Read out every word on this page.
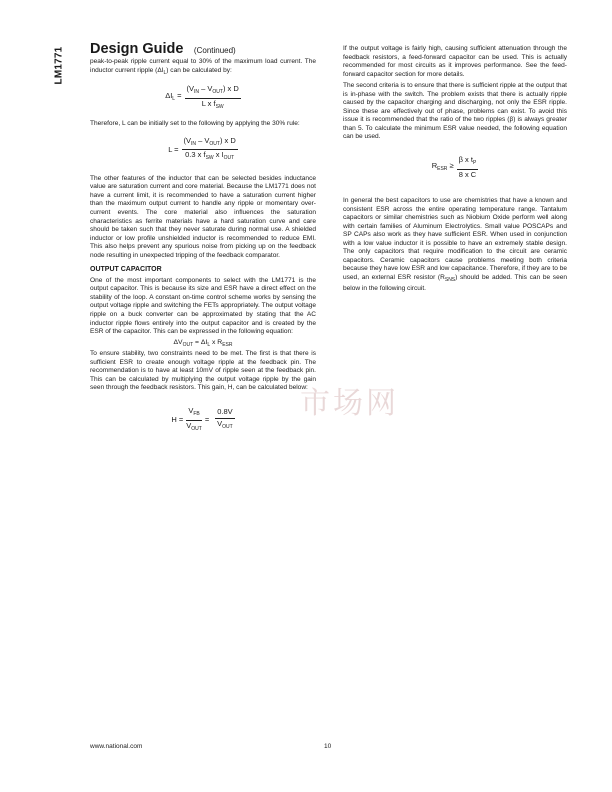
LM1771 Design Guide (Continued)

peak-to-peak ripple current equal to 30% of the maximum load current. The inductor current ripple $(\Delta I_L)$ can be calculated by:

$\Delta I_L = \frac{(V_{IN} - V_{OUT}) x D}{L x f_{SW}}$

Therefore, L can be initially set to the following by applying the 30% rule:

$L = \frac{(V_{IN} - V_{OUT}) x D}{0.3 x f_{SW} x I_{OUT}}$

The other features of the inductor that can be selected besides inductance value are saturation current and core material. Because the LM1771 does not have a current limit, it is recommended to have a saturation current higher than the maximum output current to handle any ripple or momentary over-current events. The core material also influences the saturation characteristics as ferrite materials have a hard saturation curve and care should be taken such that they never saturate during normal use. A shielded inductor or low profile unshielded inductor is recommended to reduce EMI. This also helps prevent any spurious noise from picking up on the feedback node resulting in unexpected tripping of the feedback comparator.

OUTPUT CAPACITOR

One of the most important components to select with the LM1771 is the output capacitor. This is because its size and ESR have a direct effect on the stability of the loop. A constant on-time control scheme works by sensing the output voltage ripple and switching the FETs appropriately. The output voltage ripple on a buck converter can be approximated by stating that the AC inductor ripple flows entirely into the output capacitor and is created by the ESR of the capacitor. This can be expressed in the following equation:

$\Delta V_{OUT} = \Delta I_L$ x $R_{ESR}$

To ensure stability, two constraints need to be met. The first is that there is sufficient ESR to create enough voltage ripple at the feedback pin. The recommendation is to have at least 10mV of ripple seen at the feedback pin. This can be calculated by multiplying the output voltage ripple by the gain seen through the feedback resistors. This gain, H, can be calculated below:

$H = \frac{V_{FB}}{V_{OUT}} = \frac{0.8V}{V_{OUT}}$

If the output voltage is fairly high, causing sufficient attenuation through the feedback resistors, a feed-forward capacitor can be used. This is actually recommended for most circuits as it improves performance. See the feed-forward capacitor section for more details.

The second criteria is to ensure that there is sufficient ripple at the output that is in-phase with the switch. The problem exists that there is actually ripple caused by the capacitor charging and discharging, not only the ESR ripple. Since these are effectively out of phase, problems can exist. To avoid this issue it is recommended that the ratio of the two ripples (β) is always greater than 5. To calculate the minimum ESR value needed, the following equation can be used.

$R_{ESR} \ge \frac{\beta x t_P}{\text{8 x C}}$

In general the best capacitors to use are chemistries that have a known and consistent ESR across the entire operating temperature range. Tantalum capacitors or similar chemistries such as Niobium Oxide perform well along with certain families of Aluminum Electrolytics. Small value POSCAPs and SP CAPs also work as they have sufficient ESR. When used in conjunction with a low value inductor it is possible to have an extremely stable design. The only capacitors that require modification to the circuit are ceramic capacitors. Ceramic capacitors cause problems meeting both criteria because they have low ESR and low capacitance. Therefore, if they are to be used, an external ESR resistor $(R_{SNS})$ should be added. This can be seen below in the following circuit.

市场网
www.national.com	10
